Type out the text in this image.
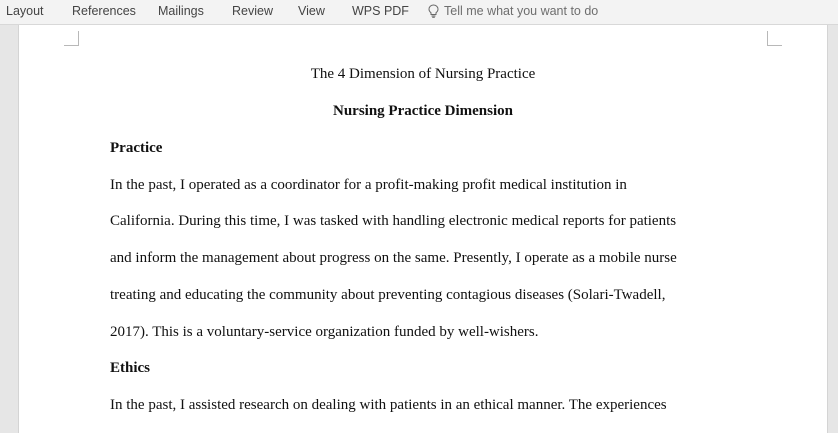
Layout References Mailings Review View WPS PDF	Tell me what you want to do
The 4 Dimension of Nursing Practice
Nursing Practice Dimension
Practice
In the past, I operated as a coordinator for a profit-making profit medical institution in
California. During this time, I was tasked with handling electronic medical reports for patients
and inform the management about progress on the same. Presently, I operate as a mobile nurse
treating and educating the community about preventing contagious diseases (Solari-Twadell,
2017). This is a voluntary-service organization funded by well-wishers.
Ethics
In the past, I assisted research on dealing with patients in an ethical manner. The experiences
